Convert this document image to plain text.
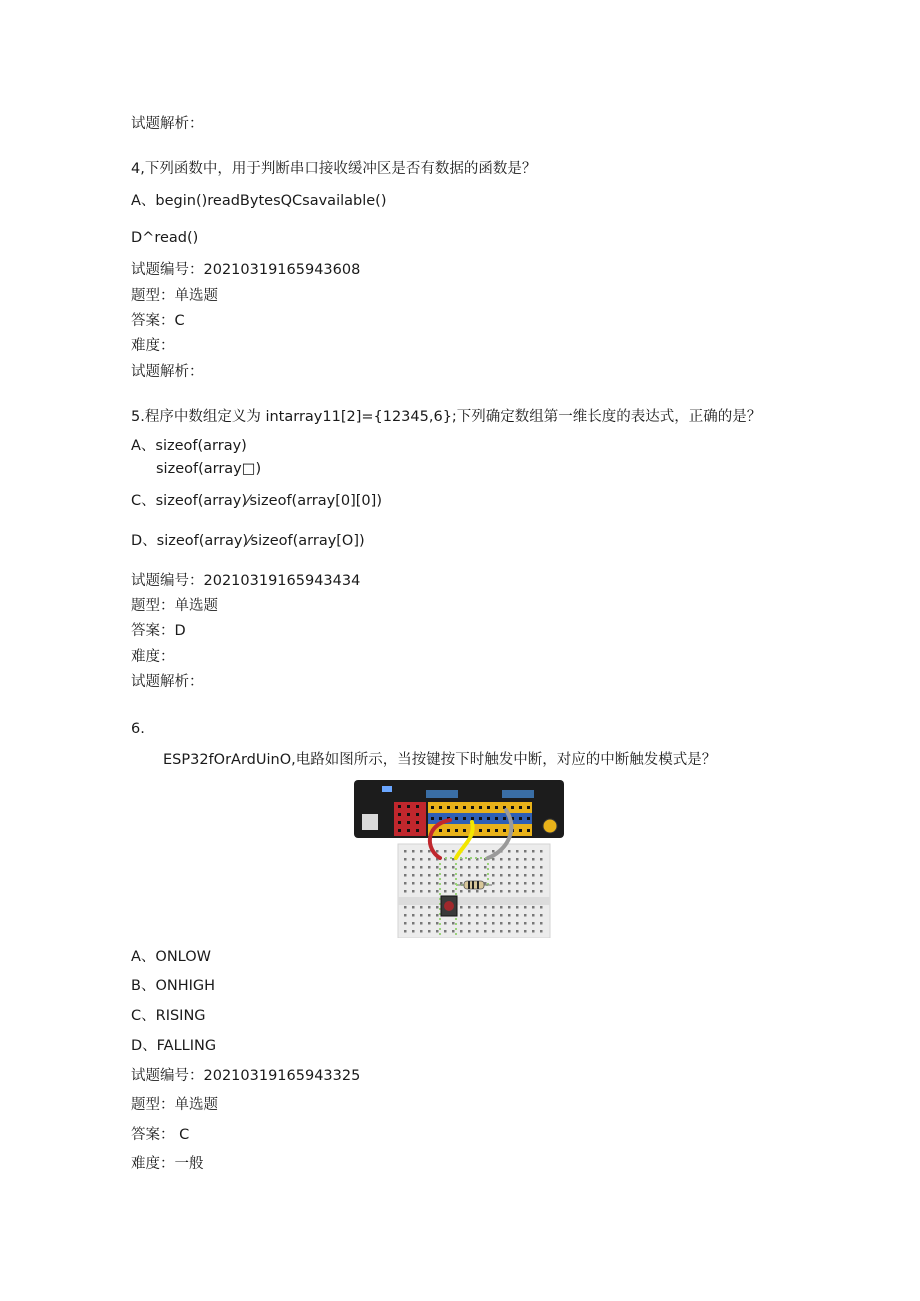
试题解析：
4,下列函数中，用于判断串口接收缓冲区是否有数据的函数是？
A、begin()readBytesQCsavailable()
D^read()
试题编号：20210319165943608
题型：单选题
答案：C
难度：
试题解析：
5.程序中数组定义为 intarray11[2]={12345,6};下列确定数组第一维长度的表达式，正确的是？
A、sizeof(array)
sizeof(array□)
C、sizeof(array)⁄sizeof(array[0][0])
D、sizeof(array)⁄sizeof(array[O])
试题编号：20210319165943434
题型：单选题
答案：D
难度：
试题解析：
6.
ESP32fOrArdUinO,电路如图所示，当按键按下时触发中断，对应的中断触发模式是？
A、ONLOW
B、ONHIGH
C、RISING
D、FALLING
试题编号：20210319165943325
题型：单选题
答案： C
难度：一般
